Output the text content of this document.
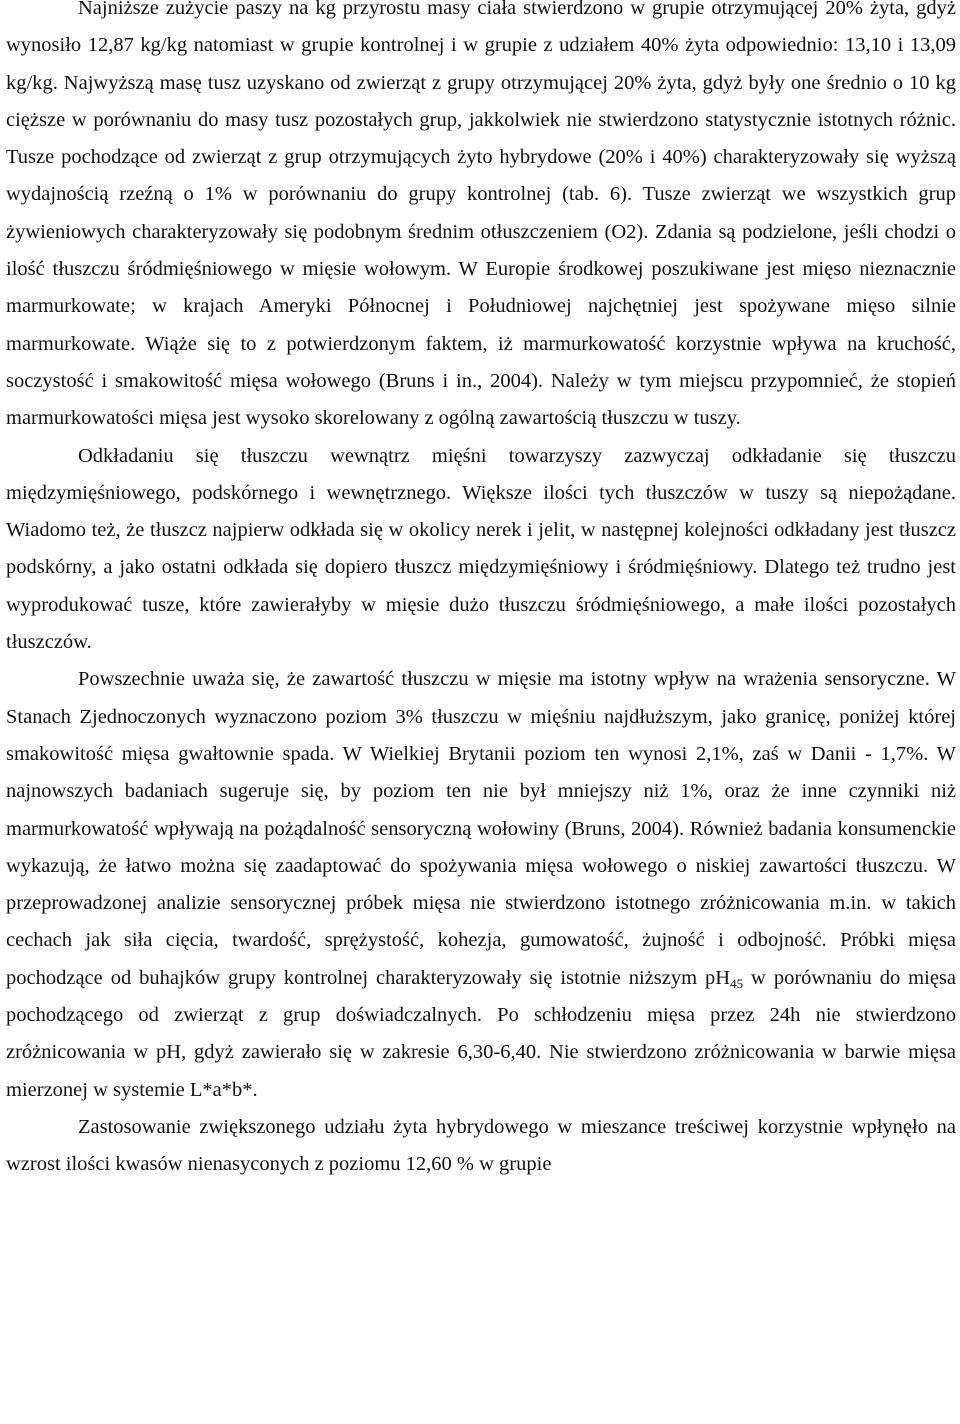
Najniższe zużycie paszy na kg przyrostu masy ciała stwierdzono w grupie otrzymującej 20% żyta, gdyż wynosiło 12,87 kg/kg natomiast w grupie kontrolnej i w grupie z udziałem 40% żyta odpowiednio: 13,10 i 13,09 kg/kg. Najwyższą masę tusz uzyskano od zwierząt z grupy otrzymującej 20% żyta, gdyż były one średnio o 10 kg cięższe w porównaniu do masy tusz pozostałych grup, jakkolwiek nie stwierdzono statystycznie istotnych różnic. Tusze pochodzące od zwierząt z grup otrzymujących żyto hybrydowe (20% i 40%) charakteryzowały się wyższą wydajnością rzeźną o 1% w porównaniu do grupy kontrolnej (tab. 6). Tusze zwierząt we wszystkich grup żywieniowych charakteryzowały się podobnym średnim otłuszczeniem (O2). Zdania są podzielone, jeśli chodzi o ilość tłuszczu śródmięśniowego w mięsie wołowym. W Europie środkowej poszukiwane jest mięso nieznacznie marmurkowate; w krajach Ameryki Północnej i Południowej najchętniej jest spożywane mięso silnie marmurkowate. Wiąże się to z potwierdzonym faktem, iż marmurkowatość korzystnie wpływa na kruchość, soczystość i smakowitość mięsa wołowego (Bruns i in., 2004). Należy w tym miejscu przypomnieć, że stopień marmurkowatości mięsa jest wysoko skorelowany z ogólną zawartością tłuszczu w tuszy.

Odkładaniu się tłuszczu wewnątrz mięśni towarzyszy zazwyczaj odkładanie się tłuszczu międzymięśniowego, podskórnego i wewnętrznego. Większe ilości tych tłuszczów w tuszy są niepożądane. Wiadomo też, że tłuszcz najpierw odkłada się w okolicy nerek i jelit, w następnej kolejności odkładany jest tłuszcz podskórny, a jako ostatni odkłada się dopiero tłuszcz międzymięśniowy i śródmięśniowy. Dlatego też trudno jest wyprodukować tusze, które zawierałyby w mięsie dużo tłuszczu śródmięśniowego, a małe ilości pozostałych tłuszczów.

Powszechnie uważa się, że zawartość tłuszczu w mięsie ma istotny wpływ na wrażenia sensoryczne. W Stanach Zjednoczonych wyznaczono poziom 3% tłuszczu w mięśniu najdłuższym, jako granicę, poniżej której smakowitość mięsa gwałtownie spada. W Wielkiej Brytanii poziom ten wynosi 2,1%, zaś w Danii - 1,7%. W najnowszych badaniach sugeruje się, by poziom ten nie był mniejszy niż 1%, oraz że inne czynniki niż marmurkowatość wpływają na pożądalność sensoryczną wołowiny (Bruns, 2004). Również badania konsumenckie wykazują, że łatwo można się zaadaptować do spożywania mięsa wołowego o niskiej zawartości tłuszczu. W przeprowadzonej analizie sensorycznej próbek mięsa nie stwierdzono istotnego zróżnicowania m.in. w takich cechach jak siła cięcia, twardość, sprężystość, kohezja, gumowatość, żujność i odbojność. Próbki mięsa pochodzące od buhajków grupy kontrolnej charakteryzowały się istotnie niższym $pH_{45}$ w porównaniu do mięsa pochodzącego od zwierząt z grup doświadczalnych. Po schłodzeniu mięsa przez 24h nie stwierdzono zróżnicowania w pH, gdyż zawierało się w zakresie 6,30-6,40. Nie stwierdzono zróżnicowania w barwie mięsa mierzonej w systemie L*a*b*.

Zastosowanie zwiększonego udziału żyta hybrydowego w mieszance treściwej korzystnie wpłynęło na wzrost ilości kwasów nienasyconych z poziomu 12,60 % w grupie
